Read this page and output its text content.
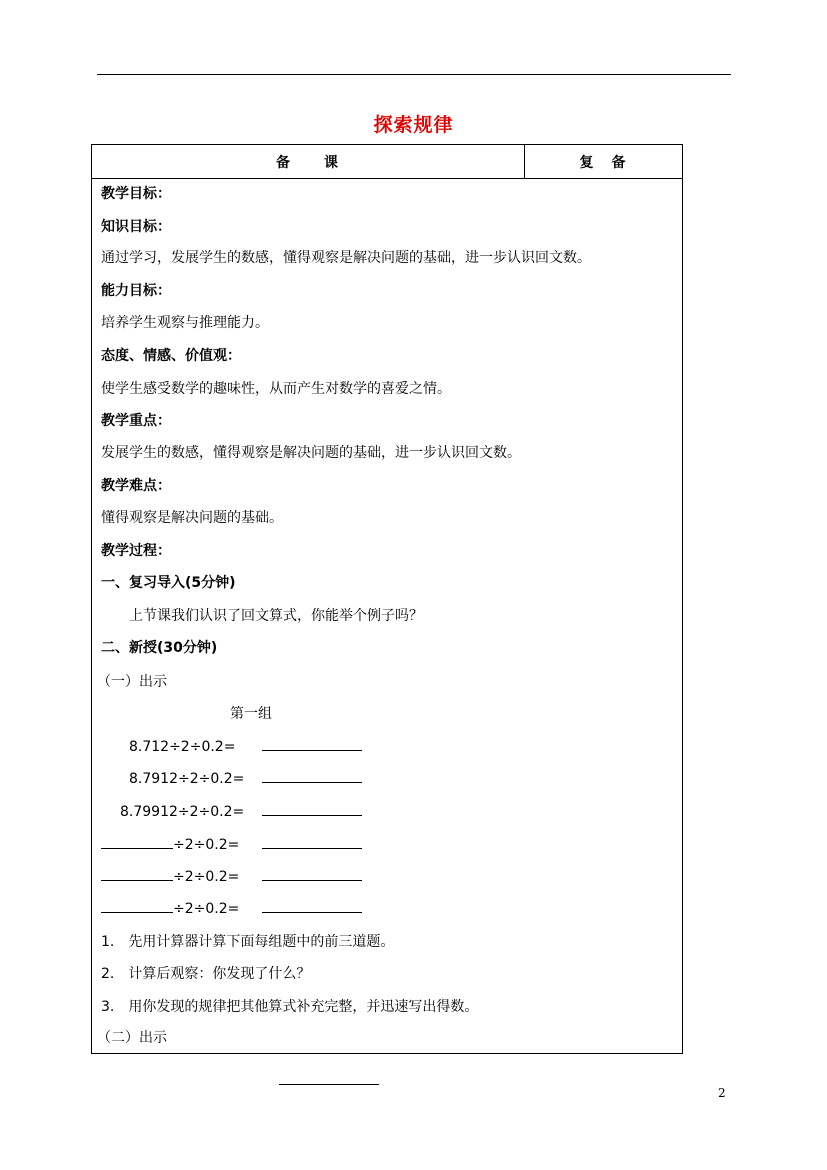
探索规律
备　　课	复　备
教学目标：
知识目标：
通过学习，发展学生的数感，懂得观察是解决问题的基础，进一步认识回文数。
能力目标：
培养学生观察与推理能力。
态度、情感、价值观：
使学生感受数学的趣味性，从而产生对数学的喜爱之情。
教学重点：
发展学生的数感，懂得观察是解决问题的基础，进一步认识回文数。
教学难点：
懂得观察是解决问题的基础。
教学过程：
一、复习导入(5分钟)
上节课我们认识了回文算式，你能举个例子吗？
二、新授(30分钟)
（一）出示
第一组
8.712÷2÷0.2=
8.7912÷2÷0.2=
8.79912÷2÷0.2=
÷2÷0.2=
÷2÷0.2=
÷2÷0.2=
1.　先用计算器计算下面每组题中的前三道题。
2.　计算后观察：你发现了什么？
3.　用你发现的规律把其他算式补充完整，并迅速写出得数。
（二）出示
2
